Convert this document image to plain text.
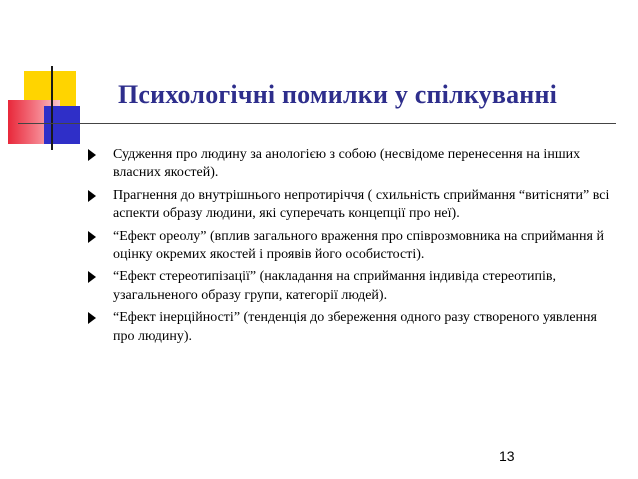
Психологічні помилки у спілкуванні
Судження про людину за анологією з собою (несвідоме перенесення на інших власних якостей).
Прагнення до внутрішнього непротиріччя ( схильність сприймання “витісняти” всі аспекти образу людини, які суперечать концепції про неї).
“Ефект ореолу” (вплив загального враження про співрозмовника на сприймання й оцінку окремих якостей і проявів його особистості).
“Ефект стереотипізації” (накладання на сприймання індивіда стереотипів, узагальненого образу групи, категорії людей).
“Ефект інерційності” (тенденція до збереження одного разу створеного уявлення про людину).
13
